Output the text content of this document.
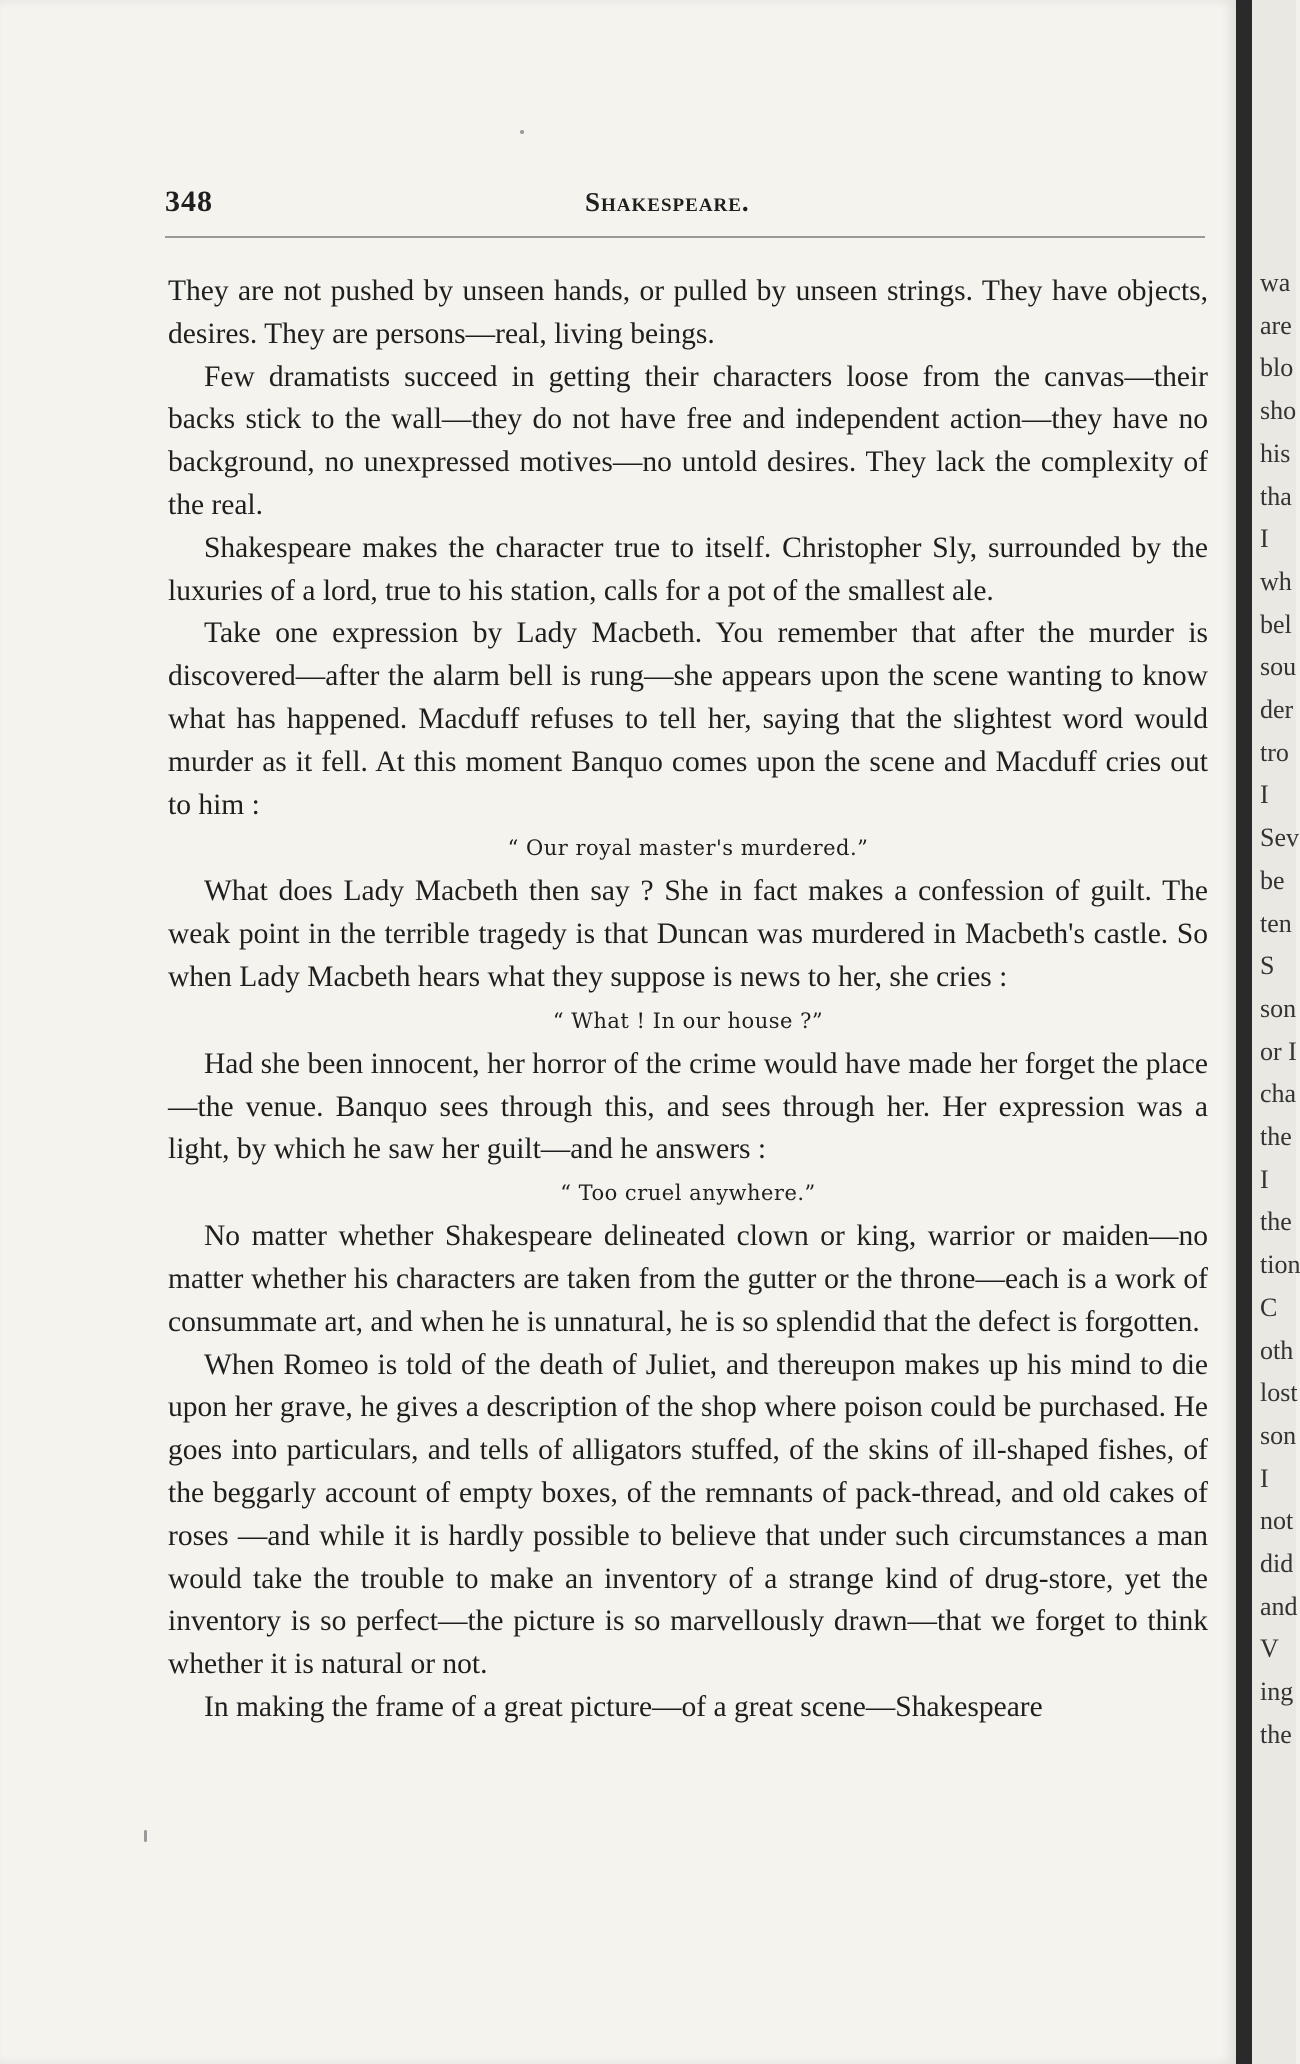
348	Shakespeare.

They are not pushed by unseen hands, or pulled by unseen strings. They have objects, desires. They are persons—real, living beings.

Few dramatists succeed in getting their characters loose from the canvas—their backs stick to the wall—they do not have free and independent action—they have no background, no unexpressed motives—no untold desires. They lack the complexity of the real.

Shakespeare makes the character true to itself. Christopher Sly, surrounded by the luxuries of a lord, true to his station, calls for a pot of the smallest ale.

Take one expression by Lady Macbeth. You remember that after the murder is discovered—after the alarm bell is rung—she appears upon the scene wanting to know what has happened. Macduff refuses to tell her, saying that the slightest word would murder as it fell. At this moment Banquo comes upon the scene and Macduff cries out to him :

“ Our royal master's murdered.”

What does Lady Macbeth then say ? She in fact makes a confession of guilt. The weak point in the terrible tragedy is that Duncan was murdered in Macbeth's castle. So when Lady Macbeth hears what they suppose is news to her, she cries :

“ What ! In our house ?”

Had she been innocent, her horror of the crime would have made her forget the place—the venue. Banquo sees through this, and sees through her. Her expression was a light, by which he saw her guilt—and he answers :

“ Too cruel anywhere.”

No matter whether Shakespeare delineated clown or king, warrior or maiden—no matter whether his characters are taken from the gutter or the throne—each is a work of consummate art, and when he is unnatural, he is so splendid that the defect is forgotten.

When Romeo is told of the death of Juliet, and thereupon makes up his mind to die upon her grave, he gives a description of the shop where poison could be purchased. He goes into particulars, and tells of alligators stuffed, of the skins of ill-shaped fishes, of the beggarly account of empty boxes, of the remnants of pack-thread, and old cakes of roses —and while it is hardly possible to believe that under such circumstances a man would take the trouble to make an inventory of a strange kind of drug-store, yet the inventory is so perfect—the picture is so marvellously drawn—that we forget to think whether it is natural or not.

In making the frame of a great picture—of a great scene—Shakespeare

wa
are
blo
sho
his
tha
I
wh
bel
sou
der
tro
I
Sev
be
ten
S
son
or I
cha
the
I
the
tion
C
oth
lost
son
I
not
did
and
V
ing
the
